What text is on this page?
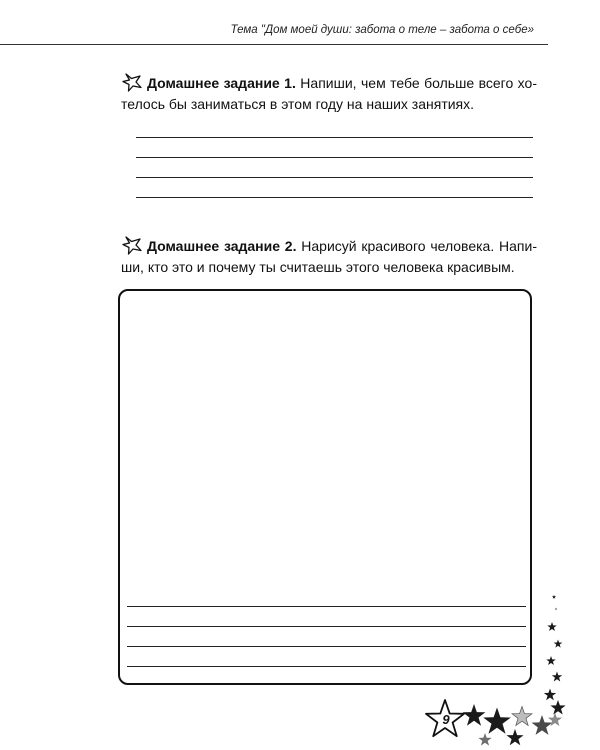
Тема "Дом моей души: забота о теле – забота о себе»
Домашнее задание 1. Напиши, чем тебе больше всего хотелось бы заниматься в этом году на наших занятиях.
Домашнее задание 2. Нарисуй красивого человека. Напиши, кто это и почему ты считаешь этого человека красивым.
9
